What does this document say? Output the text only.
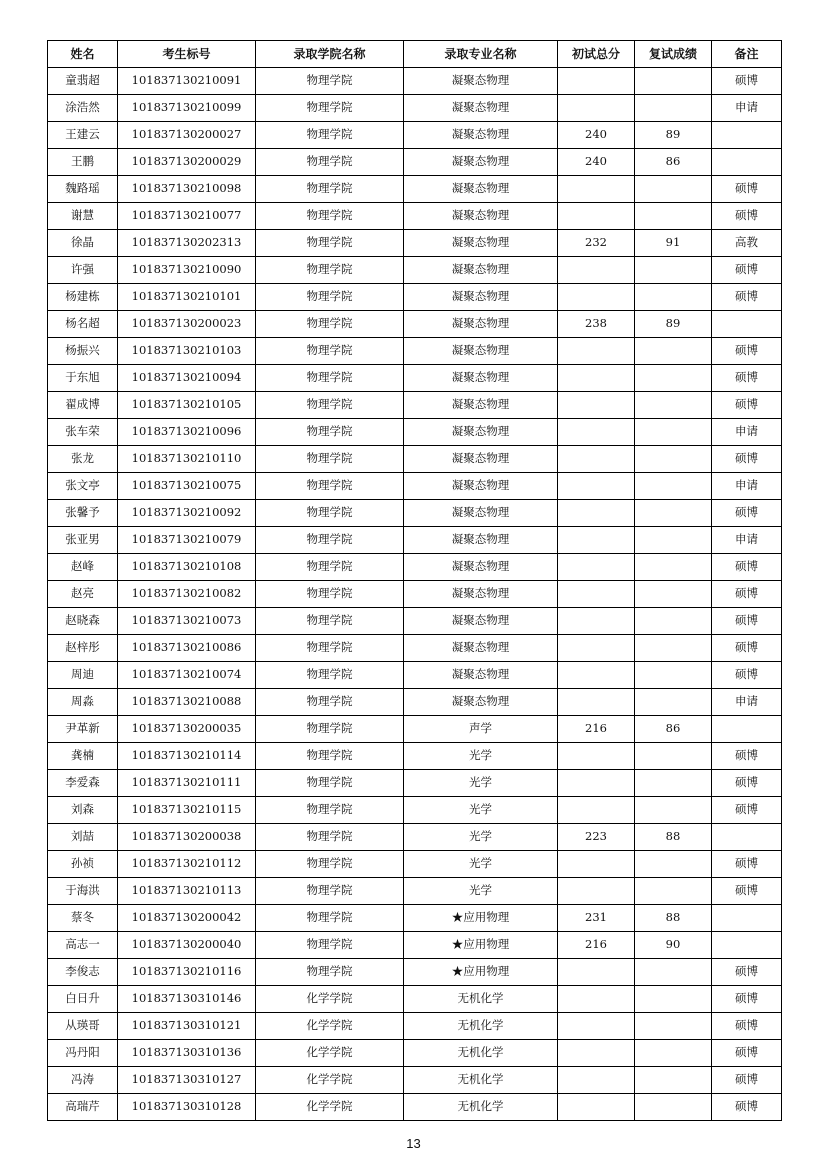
姓名	考生标号	录取学院名称	录取专业名称	初试总分	复试成绩	备注
童翡超	101837130210091	物理学院	凝聚态物理			硕博
涂浩然	101837130210099	物理学院	凝聚态物理			申请
王建云	101837130200027	物理学院	凝聚态物理	240	89	
王鹏	101837130200029	物理学院	凝聚态物理	240	86	
魏路瑶	101837130210098	物理学院	凝聚态物理			硕博
谢慧	101837130210077	物理学院	凝聚态物理			硕博
徐晶	101837130202313	物理学院	凝聚态物理	232	91	高教
许强	101837130210090	物理学院	凝聚态物理			硕博
杨建栋	101837130210101	物理学院	凝聚态物理			硕博
杨名超	101837130200023	物理学院	凝聚态物理	238	89	
杨振兴	101837130210103	物理学院	凝聚态物理			硕博
于东旭	101837130210094	物理学院	凝聚态物理			硕博
翟成博	101837130210105	物理学院	凝聚态物理			硕博
张车荣	101837130210096	物理学院	凝聚态物理			申请
张龙	101837130210110	物理学院	凝聚态物理			硕博
张文亭	101837130210075	物理学院	凝聚态物理			申请
张馨予	101837130210092	物理学院	凝聚态物理			硕博
张亚男	101837130210079	物理学院	凝聚态物理			申请
赵峰	101837130210108	物理学院	凝聚态物理			硕博
赵亮	101837130210082	物理学院	凝聚态物理			硕博
赵晓森	101837130210073	物理学院	凝聚态物理			硕博
赵梓彤	101837130210086	物理学院	凝聚态物理			硕博
周迪	101837130210074	物理学院	凝聚态物理			硕博
周淼	101837130210088	物理学院	凝聚态物理			申请
尹革新	101837130200035	物理学院	声学	216	86	
龚楠	101837130210114	物理学院	光学			硕博
李爱森	101837130210111	物理学院	光学			硕博
刘森	101837130210115	物理学院	光学			硕博
刘喆	101837130200038	物理学院	光学	223	88	
孙祯	101837130210112	物理学院	光学			硕博
于海洪	101837130210113	物理学院	光学			硕博
蔡冬	101837130200042	物理学院	★应用物理	231	88	
高志一	101837130200040	物理学院	★应用物理	216	90	
李俊志	101837130210116	物理学院	★应用物理			硕博
白日升	101837130310146	化学学院	无机化学			硕博
从瑛哥	101837130310121	化学学院	无机化学			硕博
冯丹阳	101837130310136	化学学院	无机化学			硕博
冯涛	101837130310127	化学学院	无机化学			硕博
高瑞芹	101837130310128	化学学院	无机化学			硕博
13
